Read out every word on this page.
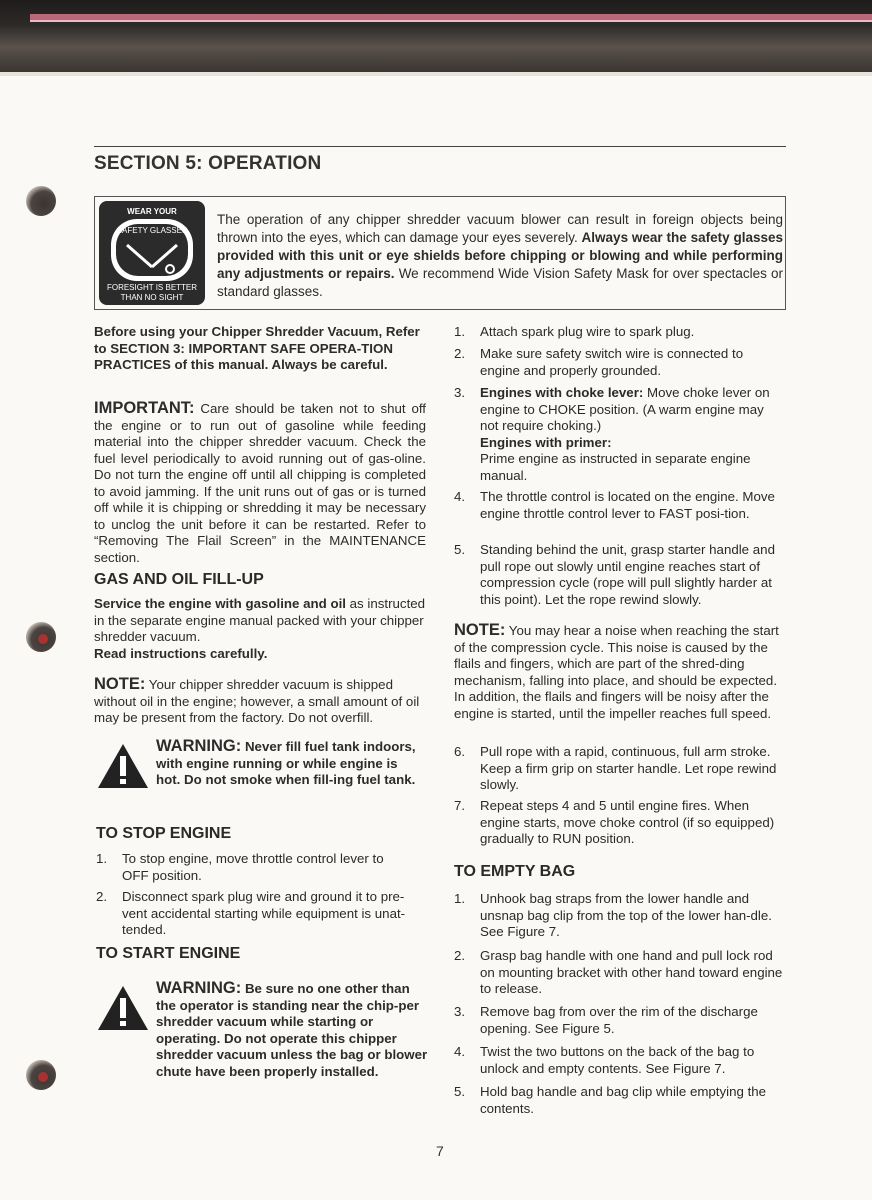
SECTION 5: OPERATION
WEAR YOUR
SAFETY GLASSES
FORESIGHT IS BETTER
THAN NO SIGHT
The operation of any chipper shredder vacuum blower can result in foreign objects being thrown into the eyes, which can damage your eyes severely. Always wear the safety glasses provided with this unit or eye shields before chipping or blowing and while performing any adjustments or repairs. We recommend Wide Vision Safety Mask for over spectacles or standard glasses.
Before using your Chipper Shredder Vacuum, Refer to SECTION 3: IMPORTANT SAFE OPERA-TION PRACTICES of this manual. Always be careful.
IMPORTANT: Care should be taken not to shut off the engine or to run out of gasoline while feeding material into the chipper shredder vacuum. Check the fuel level periodically to avoid running out of gas-oline. Do not turn the engine off until all chipping is completed to avoid jamming. If the unit runs out of gas or is turned off while it is chipping or shredding it may be necessary to unclog the unit before it can be restarted. Refer to “Removing The Flail Screen” in the MAINTENANCE section.
GAS AND OIL FILL-UP
Service the engine with gasoline and oil as instructed in the separate engine manual packed with your chipper shredder vacuum.
Read instructions carefully.
NOTE: Your chipper shredder vacuum is shipped without oil in the engine; however, a small amount of oil may be present from the factory. Do not overfill.
WARNING: Never fill fuel tank indoors, with engine running or while engine is hot. Do not smoke when fill-ing fuel tank.
TO STOP ENGINE
1.	To stop engine, move throttle control lever to OFF position.
2.	Disconnect spark plug wire and ground it to pre-vent accidental starting while equipment is unat-tended.
TO START ENGINE
WARNING: Be sure no one other than the operator is standing near the chip-per shredder vacuum while starting or operating. Do not operate this chipper shredder vacuum unless the bag or blower chute have been properly installed.
1.	Attach spark plug wire to spark plug.
2.	Make sure safety switch wire is connected to engine and properly grounded.
3.	Engines with choke lever: Move choke lever on engine to CHOKE position. (A warm engine may not require choking.)
Engines with primer:
Prime engine as instructed in separate engine manual.
4.	The throttle control is located on the engine. Move engine throttle control lever to FAST posi-tion.
5.	Standing behind the unit, grasp starter handle and pull rope out slowly until engine reaches start of compression cycle (rope will pull slightly harder at this point). Let the rope rewind slowly.
NOTE: You may hear a noise when reaching the start of the compression cycle. This noise is caused by the flails and fingers, which are part of the shred-ding mechanism, falling into place, and should be expected. In addition, the flails and fingers will be noisy after the engine is started, until the impeller reaches full speed.
6.	Pull rope with a rapid, continuous, full arm stroke. Keep a firm grip on starter handle. Let rope rewind slowly.
7.	Repeat steps 4 and 5 until engine fires. When engine starts, move choke control (if so equipped) gradually to RUN position.
TO EMPTY BAG
1.	Unhook bag straps from the lower handle and unsnap bag clip from the top of the lower han-dle. See Figure 7.
2.	Grasp bag handle with one hand and pull lock rod on mounting bracket with other hand toward engine to release.
3.	Remove bag from over the rim of the discharge opening. See Figure 5.
4.	Twist the two buttons on the back of the bag to unlock and empty contents. See Figure 7.
5.	Hold bag handle and bag clip while emptying the contents.
7
